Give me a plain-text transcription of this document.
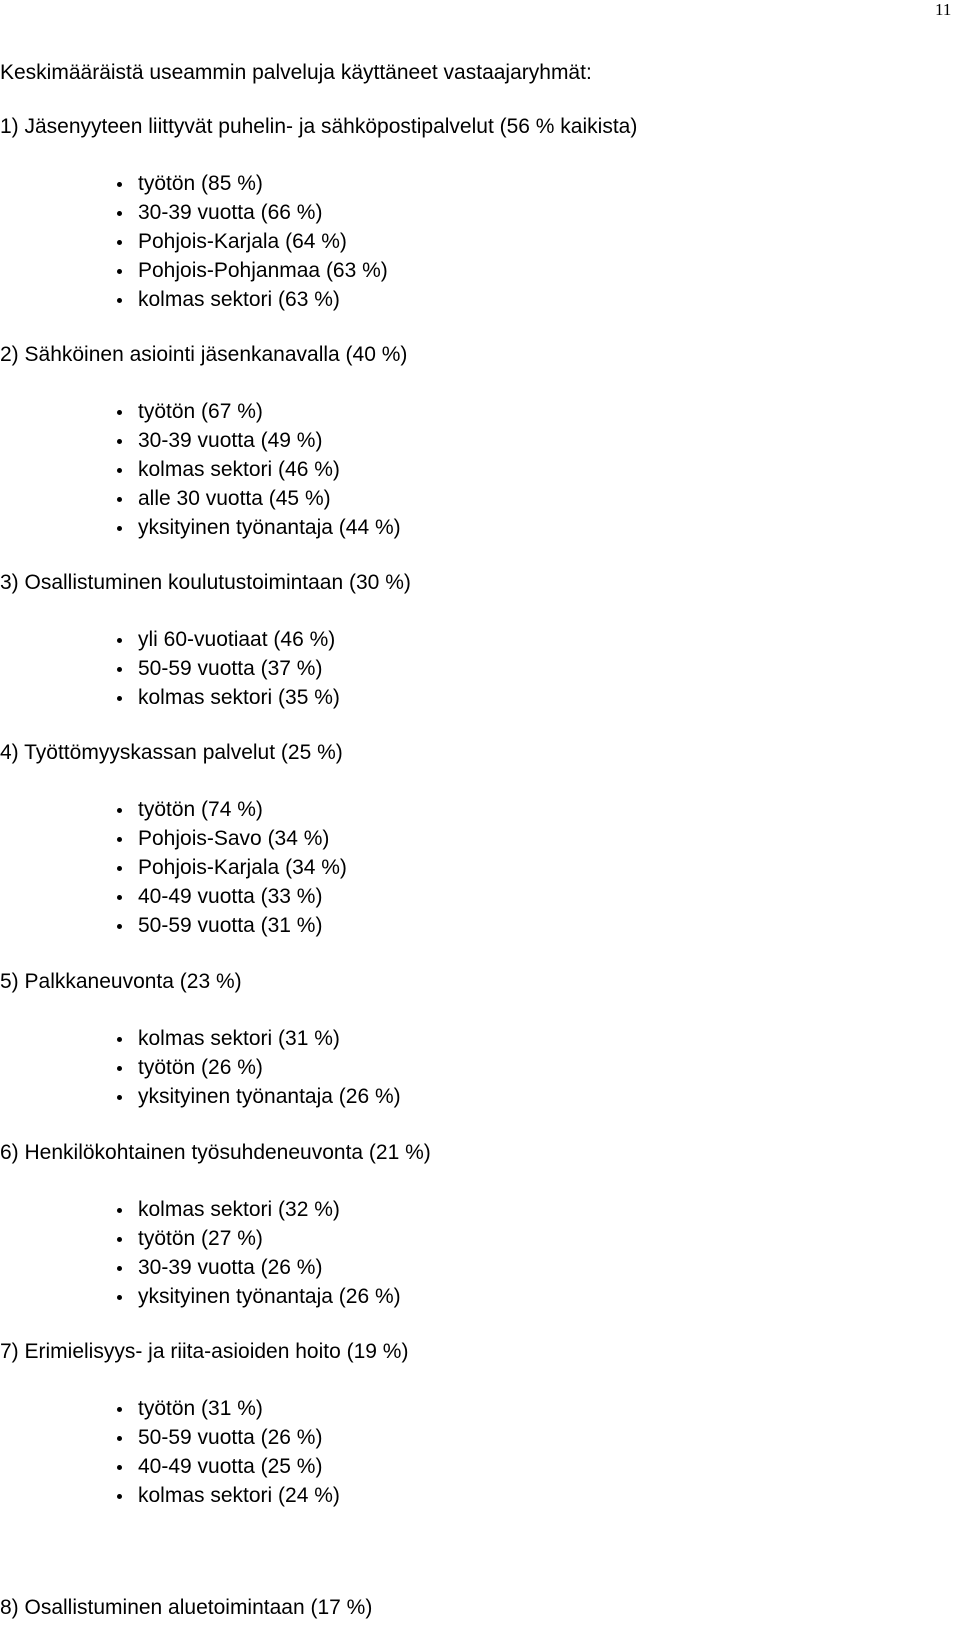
11
Keskimääräistä useammin palveluja käyttäneet vastaajaryhmät:

1) Jäsenyyteen liittyvät puhelin- ja sähköpostipalvelut (56 % kaikista)

työtön (85 %)
30-39 vuotta (66 %)
Pohjois-Karjala (64 %)
Pohjois-Pohjanmaa (63 %)
kolmas sektori (63 %)

2) Sähköinen asiointi jäsenkanavalla (40 %)

työtön (67 %)
30-39 vuotta (49 %)
kolmas sektori (46 %)
alle 30 vuotta (45 %)
yksityinen työnantaja (44 %)

3) Osallistuminen koulutustoimintaan (30 %)

yli 60-vuotiaat (46 %)
50-59 vuotta (37 %)
kolmas sektori (35 %)

4) Työttömyyskassan palvelut (25 %)

työtön (74 %)
Pohjois-Savo (34 %)
Pohjois-Karjala (34 %)
40-49 vuotta (33 %)
50-59 vuotta (31 %)

5) Palkkaneuvonta (23 %)

kolmas sektori (31 %)
työtön (26 %)
yksityinen työnantaja (26 %)

6) Henkilökohtainen työsuhdeneuvonta (21 %)

kolmas sektori (32 %)
työtön (27 %)
30-39 vuotta (26 %)
yksityinen työnantaja (26 %)

7) Erimielisyys- ja riita-asioiden hoito (19 %)

työtön (31 %)
50-59 vuotta (26 %)
40-49 vuotta (25 %)
kolmas sektori (24 %)

8) Osallistuminen aluetoimintaan (17 %)
